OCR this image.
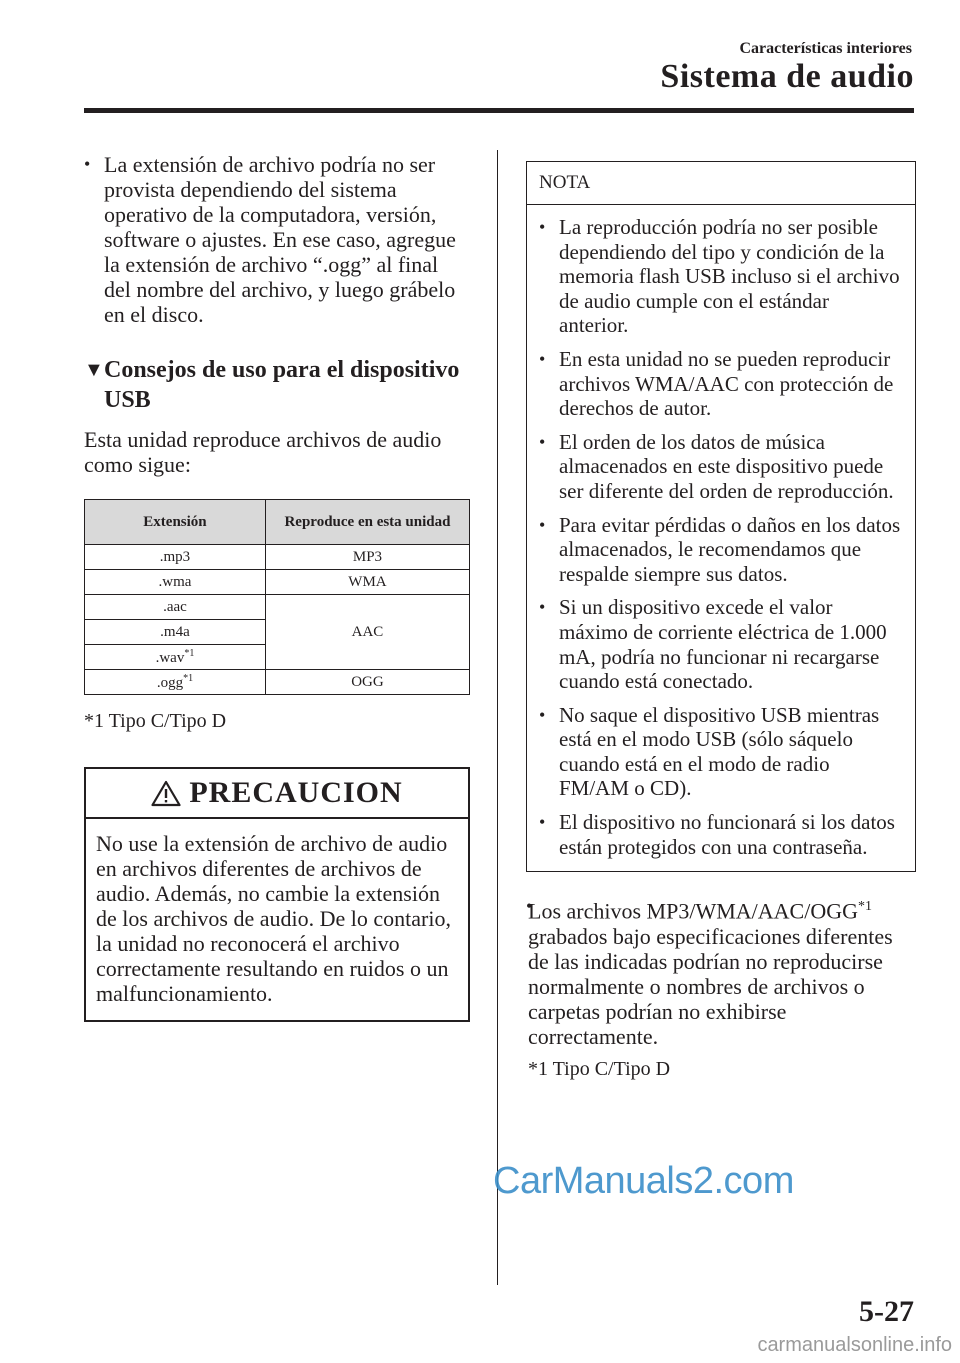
Características interiores
Sistema de audio
• La extensión de archivo podría no ser provista dependiendo del sistema operativo de la computadora, versión, software o ajustes. En ese caso, agregue la extensión de archivo “.ogg” al final del nombre del archivo, y luego grábelo en el disco.
▼ Consejos de uso para el dispositivo USB
Esta unidad reproduce archivos de audio como sigue:
Extensión	Reproduce en esta unidad
.mp3	MP3
.wma	WMA
.aac	AAC
.m4a	
.wav$^{*1}$
.ogg$^{*1}$	OGG
*1 Tipo C/Tipo D
PRECAUCION
No use la extensión de archivo de audio en archivos diferentes de archivos de audio. Además, no cambie la extensión de los archivos de audio. De lo contario, la unidad no reconocerá el archivo correctamente resultando en ruidos o un malfuncionamiento.
NOTA
• La reproducción podría no ser posible dependiendo del tipo y condición de la memoria flash USB incluso si el archivo de audio cumple con el estándar anterior.
• En esta unidad no se pueden reproducir archivos WMA/AAC con protección de derechos de autor.
• El orden de los datos de música almacenados en este dispositivo puede ser diferente del orden de reproducción.
• Para evitar pérdidas o daños en los datos almacenados, le recomendamos que respalde siempre sus datos.
• Si un dispositivo excede el valor máximo de corriente eléctrica de 1.000 mA, podría no funcionar ni recargarse cuando está conectado.
• No saque el dispositivo USB mientras está en el modo USB (sólo sáquelo cuando está en el modo de radio FM/AM o CD).
• El dispositivo no funcionará si los datos están protegidos con una contraseña.
• Los archivos MP3/WMA/AAC/OGG$^{*1}$ grabados bajo especificaciones diferentes de las indicadas podrían no reproducirse normalmente o nombres de archivos o carpetas podrían no exhibirse correctamente.
*1 Tipo C/Tipo D
5-27
CarManuals2.com
carmanualsonline.info
